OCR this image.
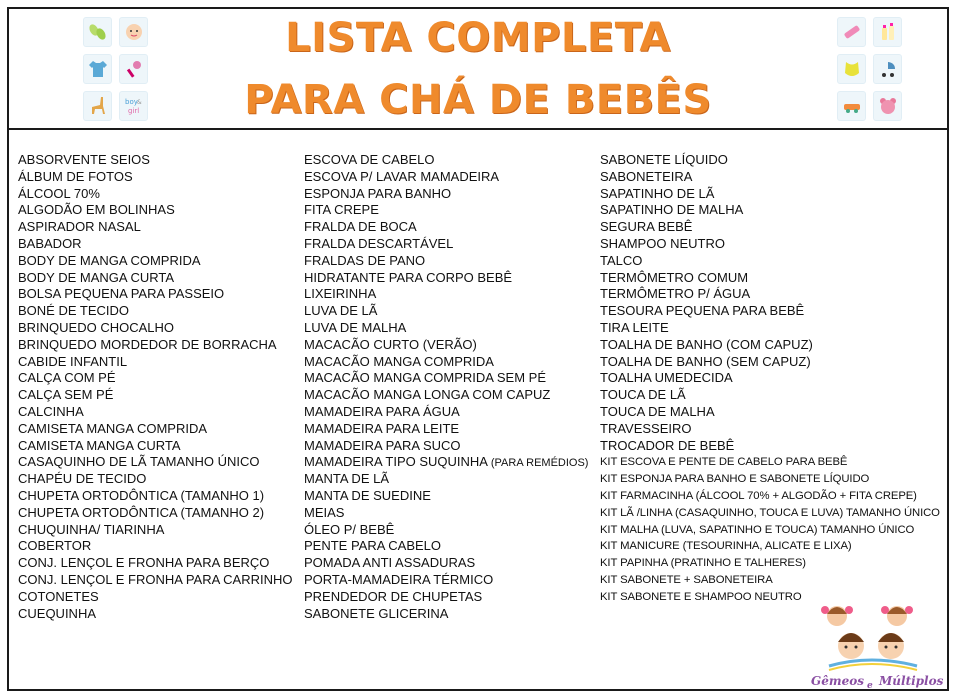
LISTA COMPLETA
PARA CHÁ DE BEBÊS
boy &
girl
ABSORVENTE SEIOS
ÁLBUM DE FOTOS
ÁLCOOL 70%
ALGODÃO EM BOLINHAS
ASPIRADOR NASAL
BABADOR
BODY DE MANGA COMPRIDA
BODY DE MANGA CURTA
BOLSA PEQUENA PARA PASSEIO
BONÉ DE TECIDO
BRINQUEDO CHOCALHO
BRINQUEDO MORDEDOR DE BORRACHA
CABIDE INFANTIL
CALÇA COM PÉ
CALÇA SEM PÉ
CALCINHA
CAMISETA MANGA COMPRIDA
CAMISETA MANGA CURTA
CASAQUINHO DE LÃ TAMANHO ÚNICO
CHAPÉU DE TECIDO
CHUPETA ORTODÔNTICA (TAMANHO 1)
CHUPETA ORTODÔNTICA (TAMANHO 2)
CHUQUINHA/ TIARINHA
COBERTOR
CONJ. LENÇOL E FRONHA PARA BERÇO
CONJ. LENÇOL E FRONHA PARA CARRINHO
COTONETES
CUEQUINHA
ESCOVA DE CABELO
ESCOVA P/ LAVAR MAMADEIRA
ESPONJA PARA BANHO
FITA CREPE
FRALDA DE BOCA
FRALDA DESCARTÁVEL
FRALDAS DE PANO
HIDRATANTE PARA CORPO BEBÊ
LIXEIRINHA
LUVA DE LÃ
LUVA DE MALHA
MACACÃO CURTO (VERÃO)
MACACÃO MANGA COMPRIDA
MACACÃO MANGA COMPRIDA SEM PÉ
MACACÃO MANGA LONGA COM CAPUZ
MAMADEIRA PARA ÁGUA
MAMADEIRA PARA LEITE
MAMADEIRA PARA SUCO
MAMADEIRA TIPO SUQUINHA (PARA REMÉDIOS)
MANTA DE LÃ
MANTA DE SUEDINE
MEIAS
ÓLEO P/ BEBÊ
PENTE PARA CABELO
POMADA ANTI ASSADURAS
PORTA-MAMADEIRA TÉRMICO
PRENDEDOR DE CHUPETAS
SABONETE GLICERINA
SABONETE LÍQUIDO
SABONETEIRA
SAPATINHO DE LÃ
SAPATINHO DE MALHA
SEGURA BEBÊ
SHAMPOO NEUTRO
TALCO
TERMÔMETRO COMUM
TERMÔMETRO P/ ÁGUA
TESOURA PEQUENA PARA BEBÊ
TIRA LEITE
TOALHA DE BANHO (COM CAPUZ)
TOALHA DE BANHO (SEM CAPUZ)
TOALHA UMEDECIDA
TOUCA DE LÃ
TOUCA DE MALHA
TRAVESSEIRO
TROCADOR DE BEBÊ
KIT ESCOVA E PENTE DE CABELO PARA BEBÊ
KIT ESPONJA PARA BANHO E SABONETE LÍQUIDO
KIT FARMACINHA (ÁLCOOL 70% + ALGODÃO + FITA CREPE)
KIT LÃ /LINHA (CASAQUINHO, TOUCA E LUVA) TAMANHO ÚNICO
KIT MALHA (LUVA, SAPATINHO E TOUCA) TAMANHO ÚNICO
KIT MANICURE (TESOURINHA, ALICATE E LIXA)
KIT PAPINHA (PRATINHO E TALHERES)
KIT SABONETE + SABONETEIRA
KIT SABONETE E SHAMPOO NEUTRO
Gêmeos e Múltiplos
